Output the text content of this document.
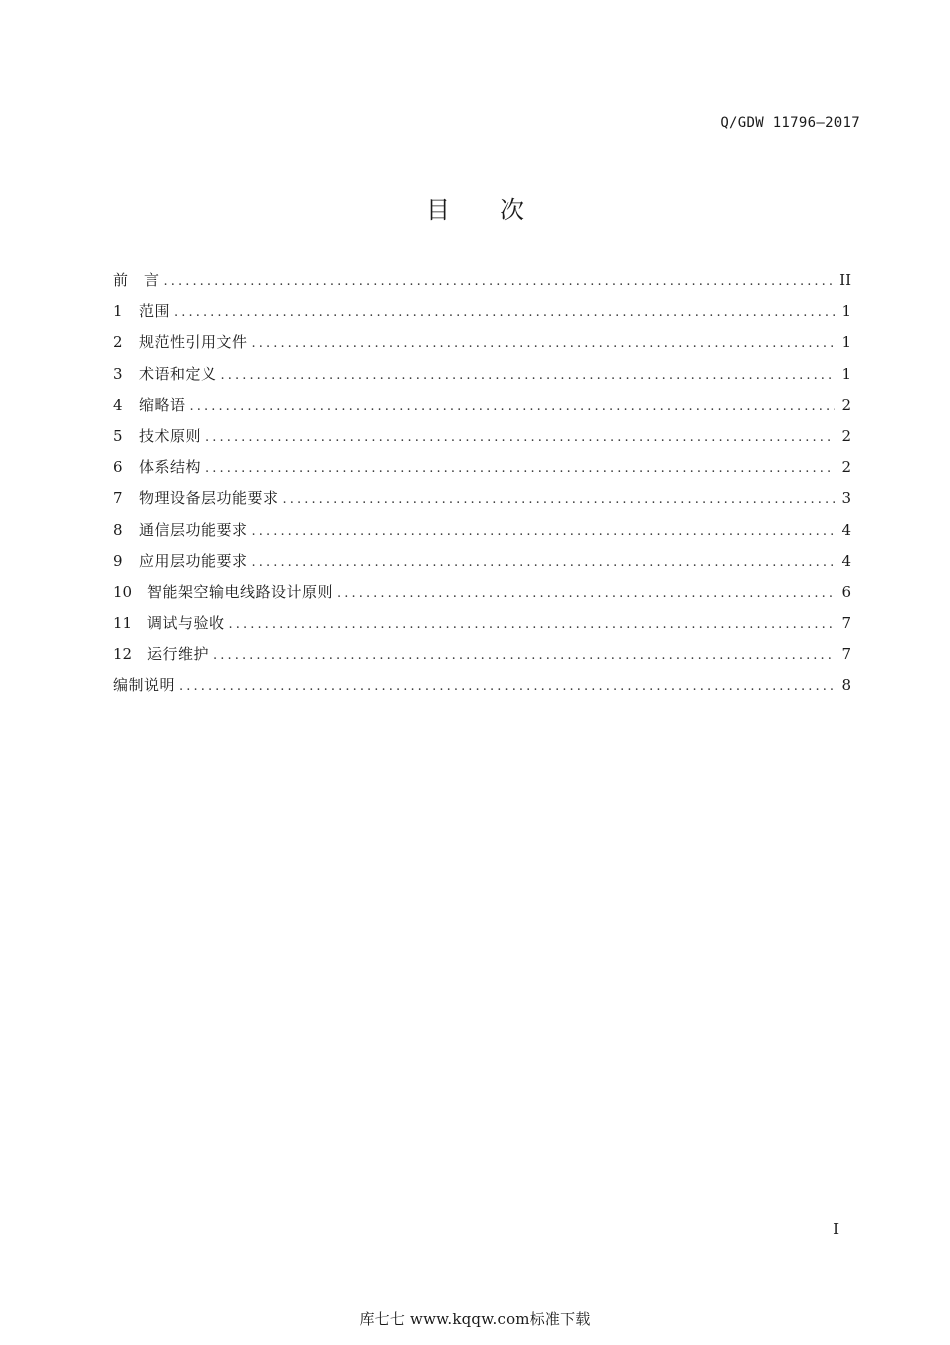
Q/GDW 11796—2017
目 次
前　言 .....	II
1	范围 .....	1
2	规范性引用文件 .....	1
3	术语和定义 .....	1
4	缩略语 .....	2
5	技术原则 .....	2
6	体系结构 .....	2
7	物理设备层功能要求 .....	3
8	通信层功能要求 .....	4
9	应用层功能要求 .....	4
10 智能架空输电线路设计原则 .....	6
11 调试与验收 .....	7
12 运行维护 .....	7
编制说明 .....	8
I
库七七 www.kqqw.com标准下载
